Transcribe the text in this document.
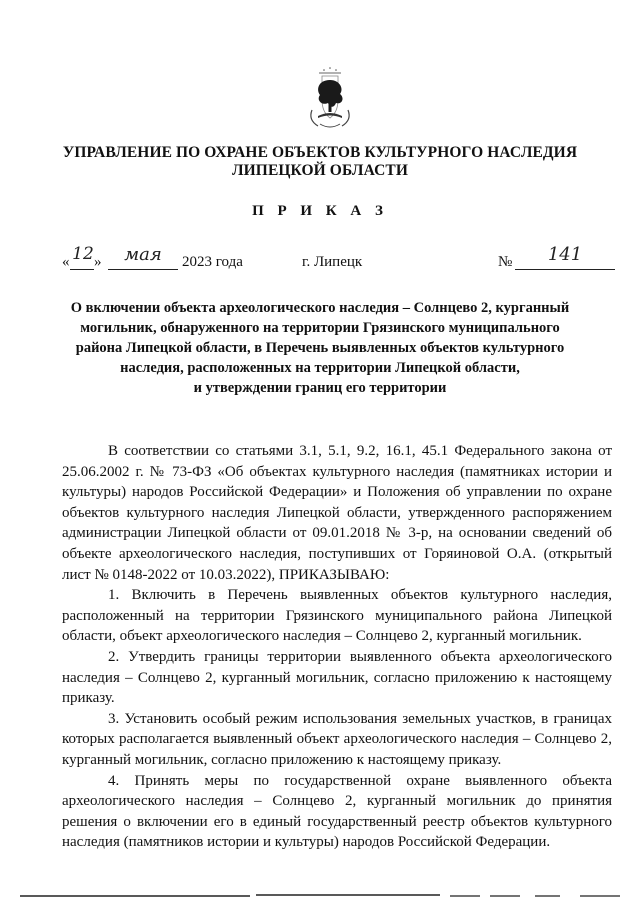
УПРАВЛЕНИЕ ПО ОХРАНЕ ОБЪЕКТОВ КУЛЬТУРНОГО НАСЛЕДИЯ
ЛИПЕЦКОЙ ОБЛАСТИ
П Р И К А З
« 12 »	мая	2023 года	г. Липецк	№	141
О включении объекта археологического наследия – Солнцево 2, курганный
могильник, обнаруженного на территории Грязинского муниципального
района Липецкой области, в Перечень выявленных объектов культурного
наследия, расположенных на территории Липецкой области,
и утверждении границ его территории

В соответствии со статьями 3.1, 5.1, 9.2, 16.1, 45.1 Федерального закона от 25.06.2002 г. № 73-ФЗ «Об объектах культурного наследия (памятниках истории и культуры) народов Российской Федерации» и Положения об управлении по охране объектов культурного наследия Липецкой области, утвержденного распоряжением администрации Липецкой области от 09.01.2018 № 3-р, на основании сведений об объекте археологического наследия, поступивших от Горяиновой О.А. (открытый лист № 0148-2022 от 10.03.2022), ПРИКАЗЫВАЮ:

1. Включить в Перечень выявленных объектов культурного наследия, расположенный на территории Грязинского муниципального района Липецкой области, объект археологического наследия – Солнцево 2, курганный могильник.

2. Утвердить границы территории выявленного объекта археологического наследия – Солнцево 2, курганный могильник, согласно приложению к настоящему приказу.

3. Установить особый режим использования земельных участков, в границах которых располагается выявленный объект археологического наследия – Солнцево 2, курганный могильник, согласно приложению к настоящему приказу.

4. Принять меры по государственной охране выявленного объекта археологического наследия – Солнцево 2, курганный могильник до принятия решения о включении его в единый государственный реестр объектов культурного наследия (памятников истории и культуры) народов Российской Федерации.
